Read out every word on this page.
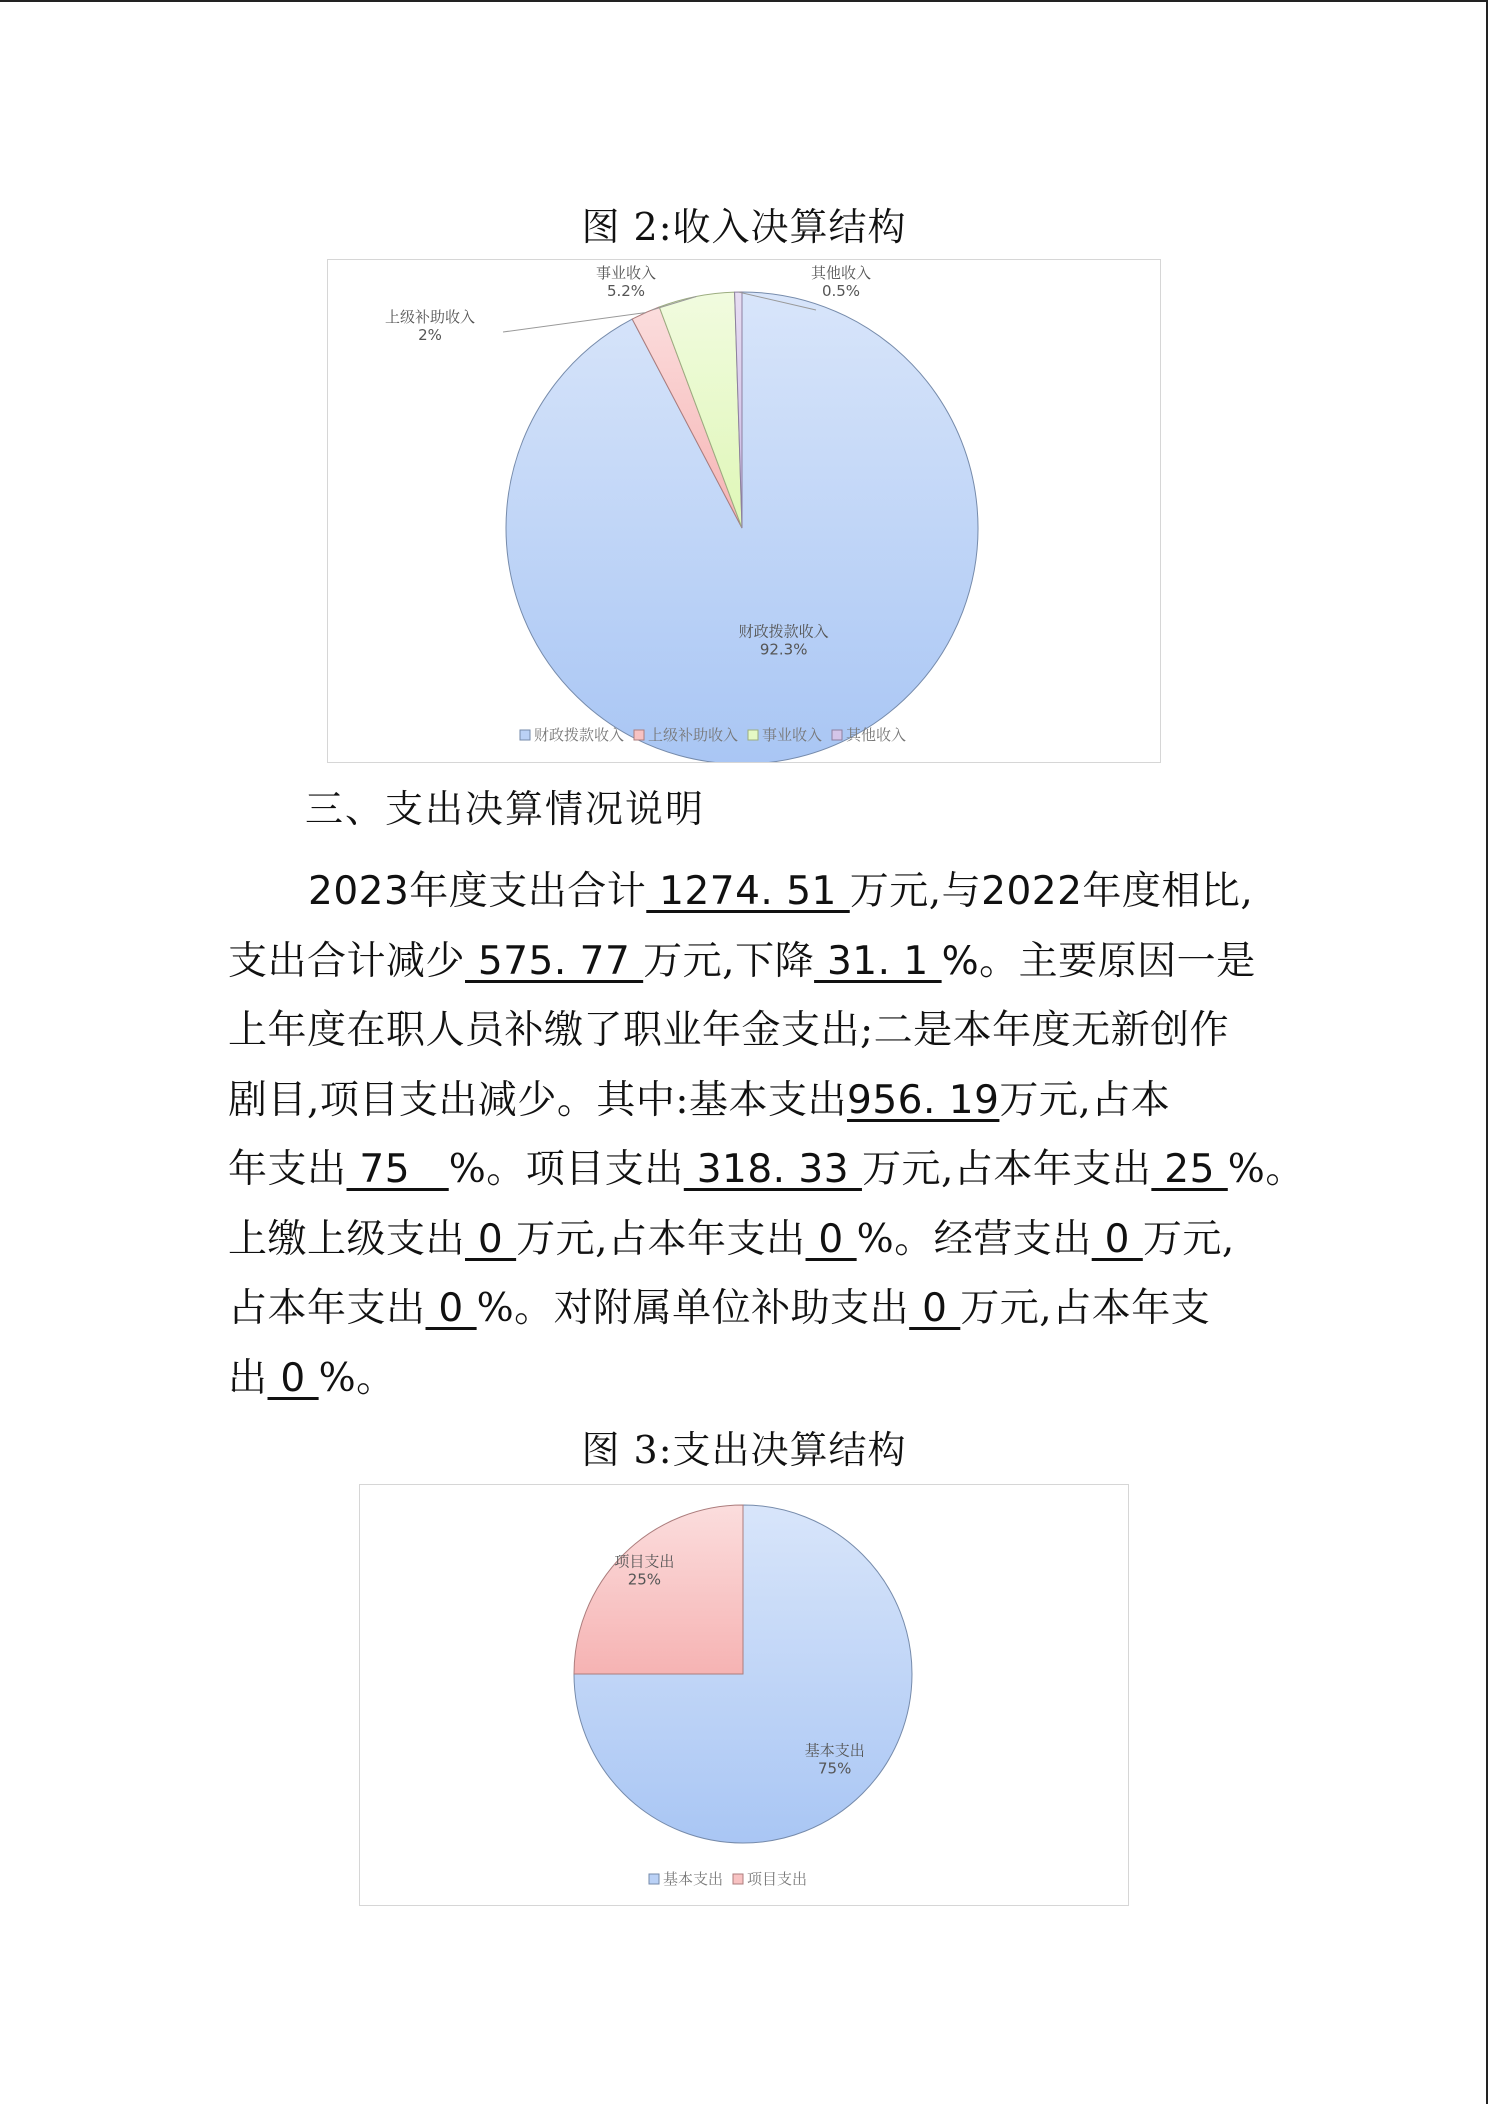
图 2:收入决算结构
财政拨款收入
92.3%
上级补助收入
2%
事业收入
5.2%
其他收入
0.5%
财政拨款收入 上级补助收入 事业收入 其他收入
三、支出决算情况说明
2023年度支出合计 1274. 51 万元,与2022年度相比,
支出合计减少 575. 77 万元,下降 31. 1 %。主要原因一是
上年度在职人员补缴了职业年金支出;二是本年度无新创作
剧目,项目支出减少。其中:基本支出956. 19万元,占本
年支出 75   %。项目支出 318. 33 万元,占本年支出 25 %。
上缴上级支出 0 万元,占本年支出 0 %。经营支出 0 万元,
占本年支出 0 %。对附属单位补助支出 0 万元,占本年支
出 0 %。
图 3:支出决算结构
基本支出
75%
项目支出
25%
基本支出 项目支出
